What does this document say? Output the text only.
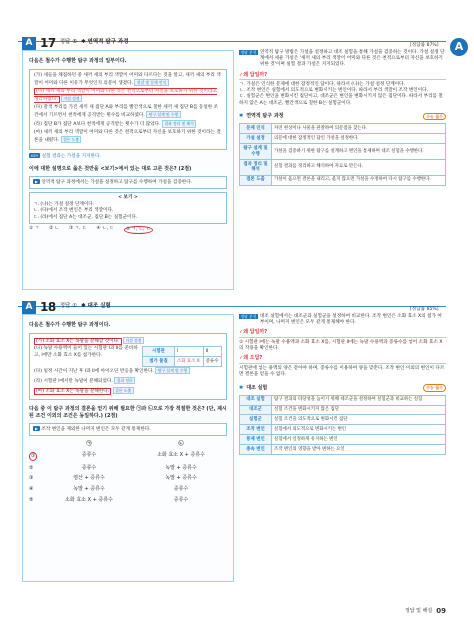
A
A 17 정답 ⑤ ✱ 연역적 탐구 과정
[정답률 87%]
다음은 철수가 수행한 탐구 과정의 일부이다.

(가) 새들을 채집하던 중 새끼 새의 부리 색깔이 어미와 다르다는 것을 알고, 새끼 새의 부리 색깔이 어미와 다른 이유가 무엇인지 의문이 생겼다. 관찰 및 문제 인식

(나) 새끼 새의 부리 색깔이 어미와 다른 것은 천적으로부터 자신을 보호하기 위한 것이라고 생각하였다. 가설 설정

(다) 갈색 부리를 가진 새끼 새 집단 A와 부리를 빨간색으로 칠한 새끼 새 집단 B를 동일한 조건에서 기르면서 천적에게 공격받는 횟수를 비교하였다. 탐구 설계 및 수행

(라) 집단 B가 집단 A보다 천적에게 공격받는 횟수가 더 많았다. 결과 정리 및 해석

(마) 새끼 새의 부리 색깔이 어미와 다른 것은 천적으로부터 자신을 보호하기 위한 것이라는 결론을 내렸다. 결론 도출

KEY 실험 결과는 가설을 지지한다.
이에 대한 설명으로 옳은 것만을 <보기>에서 있는 대로 고른 것은? (2점)
▶ 연역적 탐구 과정에서는 가설을 설정하고 탐구를 수행하여 가설을 검증한다.
< 보기 >

ㄱ. (나)는 가설 설정 단계이다.

ㄴ. (다)에서 조작 변인은 부리 색깔이다.

ㄷ. (라)에서 집단 A는 대조군, 집단 B는 실험군이다.

① ㄱ ② ㄴ ③ ㄱ, ㄷ ④ ㄴ, ㄷ	⑤ ㄱ, ㄴ, ㄷ
정답 분석 연역적 탐구 방법은 가설을 설정하고 대조 실험을 통해 가설을 검증하는 것이다. 가설 설정 단계에서 세운 가설은 '새끼 새의 부리 색깔이 어미와 다른 것은 천적으로부터 자신을 보호하기 위한 것'이며 실험 결과 가설은 지지되었다.
✓왜 답일까?

ㄱ. 가설은 인식한 문제에 대한 잠정적인 답이다. 따라서 (나)는 가설 설정 단계이다.

ㄴ. 조작 변인은 실험에서 의도적으로 변화시키는 변인이다. 따라서 부리 색깔이 조작 변인이다.

ㄷ. 실험군은 변인을 변화시킨 집단이고, 대조군은 변인을 변화시키지 않은 집단이다. 따라서 부리를 칠하지 않은 A는 대조군, 빨간색으로 칠한 B는 실험군이다.

✱ 연역적 탐구 과정	수능 필수
문제 인식	자연 현상이나 사물을 관찰하여 의문점을 찾는다.
가설 설정	의문에 대한 잠정적인 답인 가설을 설정한다.
탐구 설계 및 수행	가설을 검증하기 위한 탐구를 설계하고 변인을 통제하며 대조 실험을 수행한다.
결과 정리 및 해석	실험 결과를 정리하고 해석하여 자료로 만든다.
결론 도출	가설이 옳으면 결론을 내리고, 옳지 않으면 가설을 수정하여 다시 탐구를 수행한다.
A 18 정답 ① ✱ 대조 실험
[정답률 85%]
다음은 철수가 수행한 탐구 과정이다.

(가) 소화 효소 X는 녹말을 분해할 것이다. 가설 설정

(나) 녹말 수용액이 들어 있는 시험관 I과 II를 준비하고, I에만 소화 효소 X를 첨가한다.

시험관	I	II
첨가 물질	소화 효소 X	증류수

(다) 일정 시간이 지난 후 I과 II에 아이오딘 반응을 확인한다. 탐구 설계 및 수행

(라) 시험관 I에서만 녹말이 분해되었다. 결과 정리

(마) 소화 효소 X는 녹말을 분해한다. 결론 도출

다음 중 이 탐구 과정의 결론을 얻기 위해 필요한 ㉠과 ㉡으로 가장 적절한 것은? (단, 제시된 조건 이외의 조건은 동일하다.) (2점)
▶ 조작 변인을 제외한 나머지 변인은 모두 같게 통제한다.
㉠	㉡
①	증류수	소화 효소 X + 증류수
②	증류수	녹말 + 증류수
③	염산 + 증류수	녹말 + 증류수
④	녹말 + 증류수	증류수
⑤	소화 효소 X + 증류수	증류수
정답 분석 대조 실험에서는 대조군과 실험군을 설정하여 비교한다. 조작 변인은 소화 효소 X의 첨가 여부이며, 나머지 변인은 모두 같게 통제해야 한다.
✓왜 답일까?

① 시험관 I에는 녹말 수용액과 소화 효소 X를, 시험관 II에는 녹말 수용액과 증류수를 넣어 소화 효소 X의 작용을 확인한다.

✓왜 오답?

시험관에 넣는 용액의 양은 같아야 하며, 증류수를 이용하여 양을 맞춘다. 조작 변인 이외의 변인이 다르면 결론을 얻을 수 없다.

✱ 대조 실험	수능 필수
대조 실험	탐구 결과의 타당성을 높이기 위해 대조군을 설정하여 실험군과 비교하는 실험
대조군	실험 조건을 변화시키지 않은 집단
실험군	실험 조건을 의도적으로 변화시킨 집단
조작 변인	실험에서 의도적으로 변화시키는 변인
통제 변인	실험에서 일정하게 유지하는 변인
종속 변인	조작 변인의 영향을 받아 변하는 요인
정답 및 해설 09
